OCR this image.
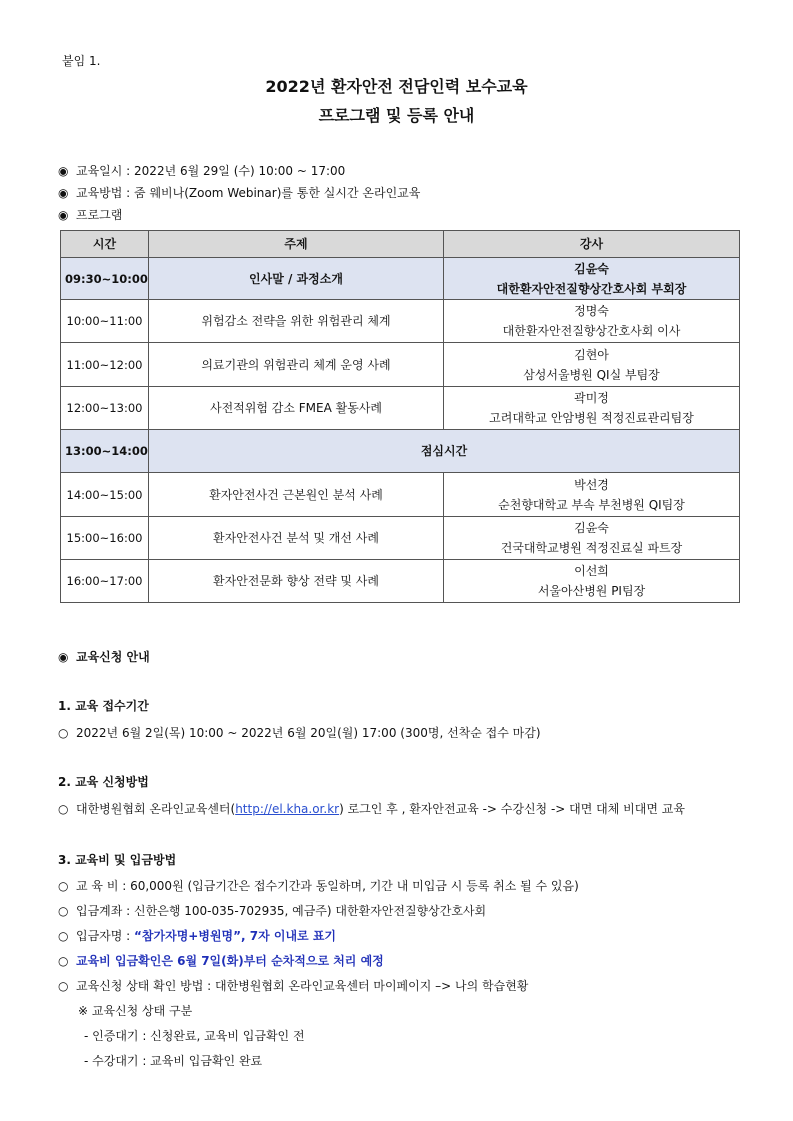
붙임 1.
2022년 환자안전 전담인력 보수교육
프로그램 및 등록 안내
◉ 교육일시 : 2022년 6월 29일 (수) 10:00 ~ 17:00
◉ 교육방법 : 줌 웨비나(Zoom Webinar)를 통한 실시간 온라인교육
◉ 프로그램
시간	주제	강사
09:30~10:00	인사말 / 과정소개	김윤숙
대한환자안전질향상간호사회 부회장

10:00~11:00	위험감소 전략을 위한 위험관리 체계	정명숙
대한환자안전질향상간호사회 이사

11:00~12:00	의료기관의 위험관리 체계 운영 사례	김현아
삼성서울병원 QI실 부팀장

12:00~13:00	사전적위험 감소 FMEA 활동사례	곽미정
고려대학교 안암병원 적정진료관리팀장

13:00~14:00	점심시간	
14:00~15:00	환자안전사건 근본원인 분석 사례	박선경
순천향대학교 부속 부천병원 QI팀장

15:00~16:00	환자안전사건 분석 및 개선 사례	김윤숙
건국대학교병원 적정진료실 파트장

16:00~17:00	환자안전문화 향상 전략 및 사례	이선희
서울아산병원 PI팀장
◉ 교육신청 안내
1. 교육 접수기간
○ 2022년 6월 2일(목) 10:00 ~ 2022년 6월 20일(월) 17:00 (300명, 선착순 접수 마감)
2. 교육 신청방법
○ 대한병원협회 온라인교육센터(http://el.kha.or.kr) 로그인 후 , 환자안전교육 -> 수강신청 -> 대면 대체 비대면 교육
3. 교육비 및 입금방법
○ 교 육 비 : 60,000원 (입금기간은 접수기간과 동일하며, 기간 내 미입금 시 등록 취소 될 수 있음)
○ 입금계좌 : 신한은행 100-035-702935, 예금주) 대한환자안전질향상간호사회
○ 입금자명 : “참가자명+병원명”, 7자 이내로 표기
○ 교육비 입금확인은 6월 7일(화)부터 순차적으로 처리 예정
○ 교육신청 상태 확인 방법 : 대한병원협회 온라인교육센터 마이페이지 –> 나의 학습현황
※ 교육신청 상태 구분
- 인증대기 : 신청완료, 교육비 입금확인 전
- 수강대기 : 교육비 입금확인 완료
